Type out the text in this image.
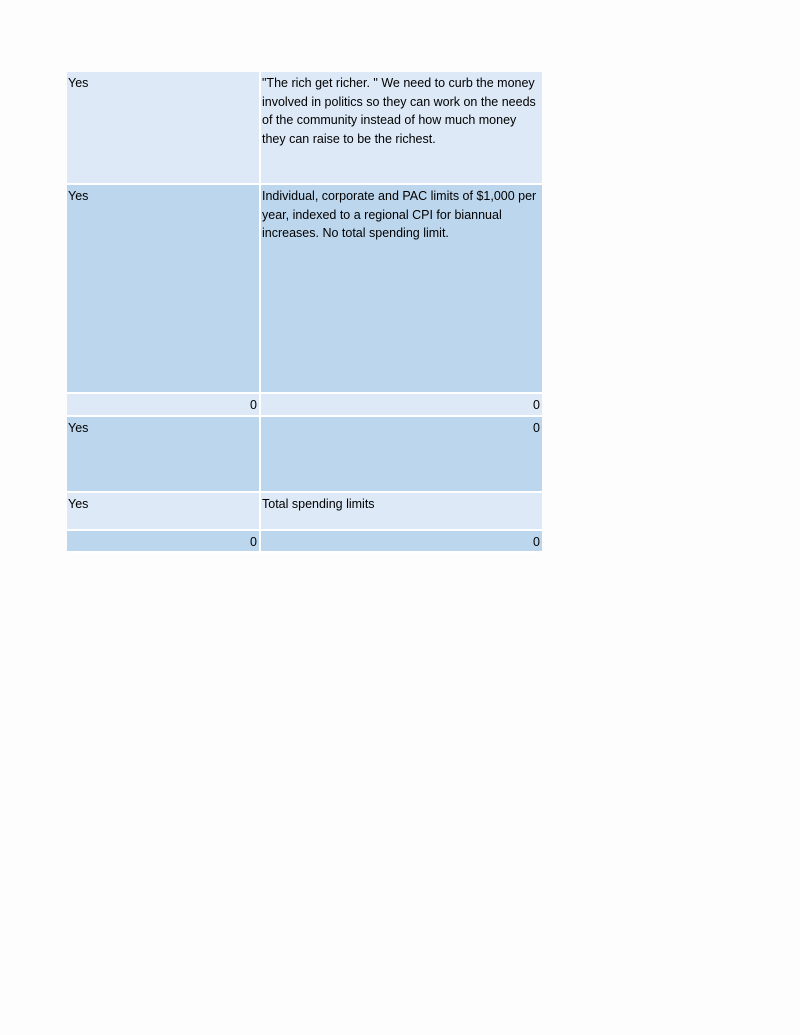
Yes	"The rich get richer. " We need to curb the money involved in politics so they can work on the needs of the community instead of how much money they can raise to be the richest.
Yes	Individual, corporate and PAC limits of $1,000 per year, indexed to a regional CPI for biannual increases. No total spending limit.
0	0
Yes	0
Yes	Total spending limits
0	0
